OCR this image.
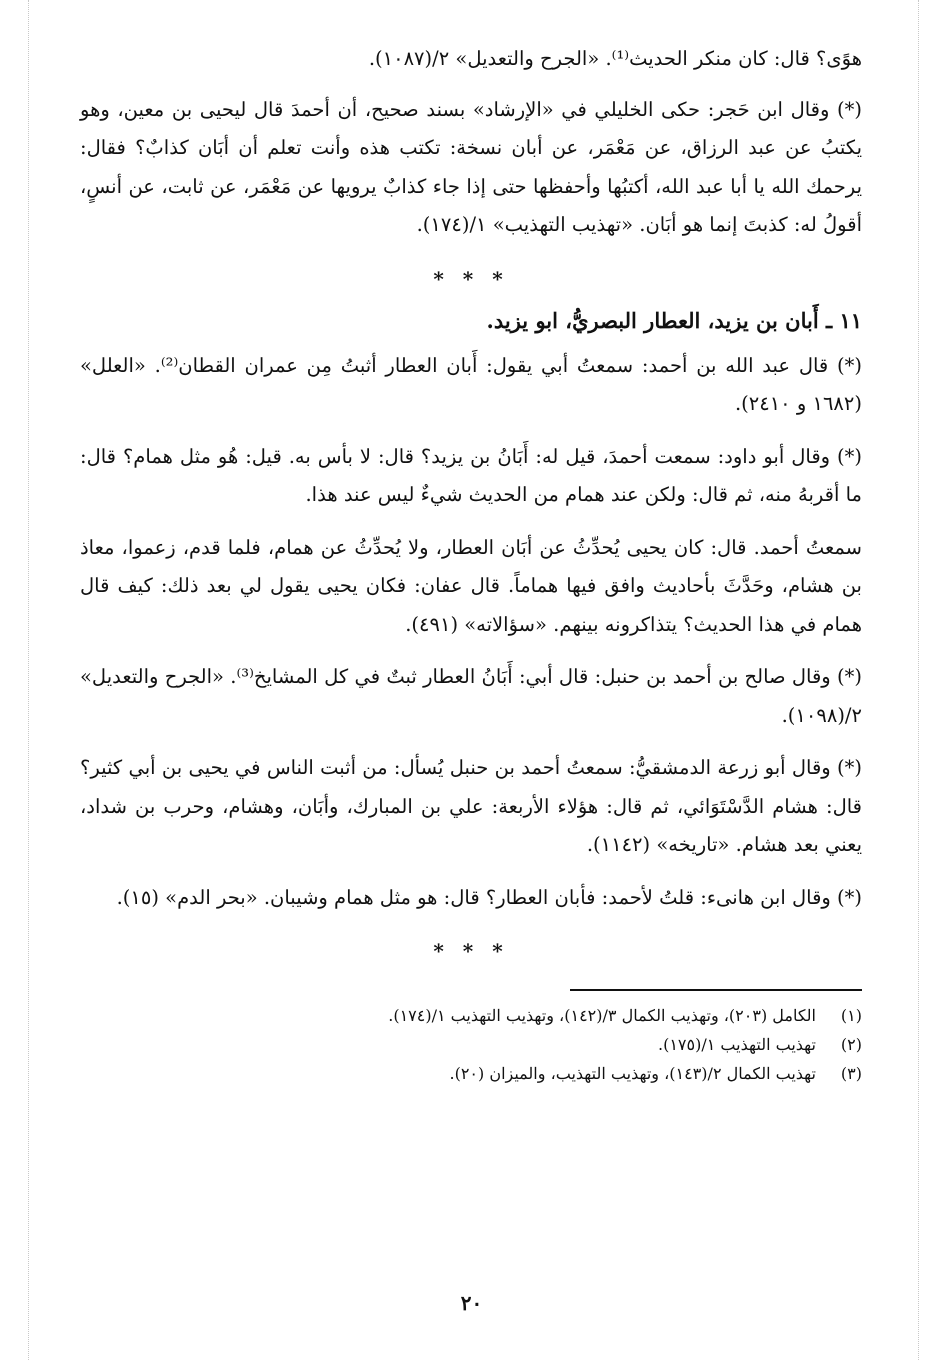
هوًى؟ قال: كان منكر الحديث⁽¹⁾. «الجرح والتعديل» ٢/(١٠٨٧).

(*) وقال ابن حَجر: حكى الخليلي في «الإرشاد» بسند صحيح، أن أحمدَ قال ليحيى بن معين، وهو يكتبُ عن عبد الرزاق، عن مَعْمَر، عن أبان نسخة: تكتب هذه وأنت تعلم أن أبَان كذابٌ؟ فقال: يرحمك الله يا أبا عبد الله، أكتبُها وأحفظها حتى إذا جاء كذابٌ يرويها عن مَعْمَر، عن ثابت، عن أنسٍ، أقولُ له: كذبتَ إنما هو أبَان. «تهذيب التهذيب» ١/(١٧٤).

* * *
١١ ـ أَبان بن يزيد، العطار البصريُّ، ابو يزيد.

(*) قال عبد الله بن أحمد: سمعتُ أبي يقول: أَبان العطار أثبتُ مِن عمران القطان⁽²⁾. «العلل» (١٦٨٢ و ٢٤١٠).

(*) وقال أبو داود: سمعت أحمدَ، قيل له: أَبَانُ بن يزيد؟ قال: لا بأس به. قيل: هُو مثل همام؟ قال: ما أقربهُ منه، ثم قال: ولكن عند همام من الحديث شيءٌ ليس عند هذا.

سمعتُ أحمد. قال: كان يحيى يُحدِّثُ عن أبَان العطار، ولا يُحدِّثُ عن همام، فلما قدم، زعموا، معاذ بن هشام، وحَدَّثَ بأحاديث وافق فيها هماماً. قال عفان: فكان يحيى يقول لي بعد ذلك: كيف قال همام في هذا الحديث؟ يتذاكرونه بينهم. «سؤالاته» (٤٩١).

(*) وقال صالح بن أحمد بن حنبل: قال أبي: أَبَانُ العطار ثبتٌ في كل المشايخ⁽³⁾. «الجرح والتعديل» ٢/(١٠٩٨).

(*) وقال أبو زرعة الدمشقيُّ: سمعتُ أحمد بن حنبل يُسأل: من أثبت الناس في يحيى بن أبي كثير؟ قال: هشام الدَّسْتَوَائي، ثم قال: هؤلاء الأربعة: علي بن المبارك، وأبَان، وهشام، وحرب بن شداد، يعني بعد هشام. «تاريخه» (١١٤٢).

(*) وقال ابن هانىء: قلتُ لأحمد: فأبان العطار؟ قال: هو مثل همام وشيبان. «بحر الدم» (١٥).

* * *
(١)
الكامل (٢٠٣)، وتهذيب الكمال ٣/(١٤٢)، وتهذيب التهذيب ١/(١٧٤).
(٢)
تهذيب التهذيب ١/(١٧٥).
(٣)
تهذيب الكمال ٢/(١٤٣)، وتهذيب التهذيب، والميزان (٢٠).
٢٠
